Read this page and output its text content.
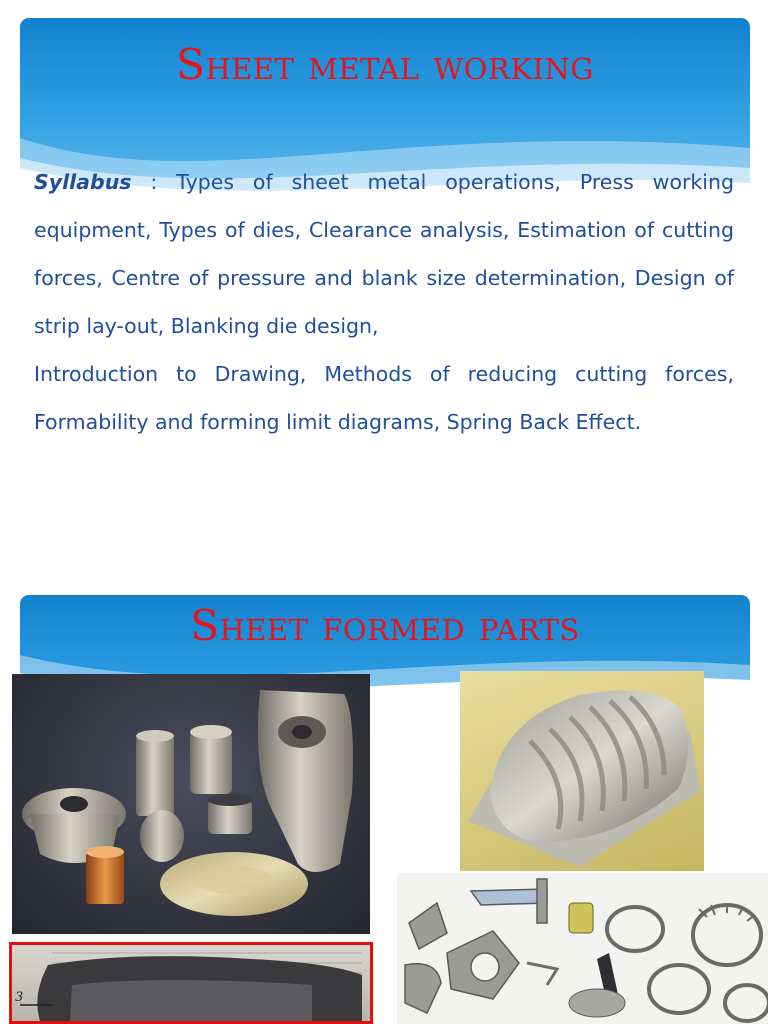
Sheet metal working

Syllabus : Types of sheet metal operations, Press working equipment, Types of dies, Clearance analysis, Estimation of cutting forces, Centre of pressure and blank size determination, Design of strip lay-out, Blanking die design,

Introduction to Drawing, Methods of reducing cutting forces, Formability and forming limit diagrams, Spring Back Effect.

Sheet formed parts
3
